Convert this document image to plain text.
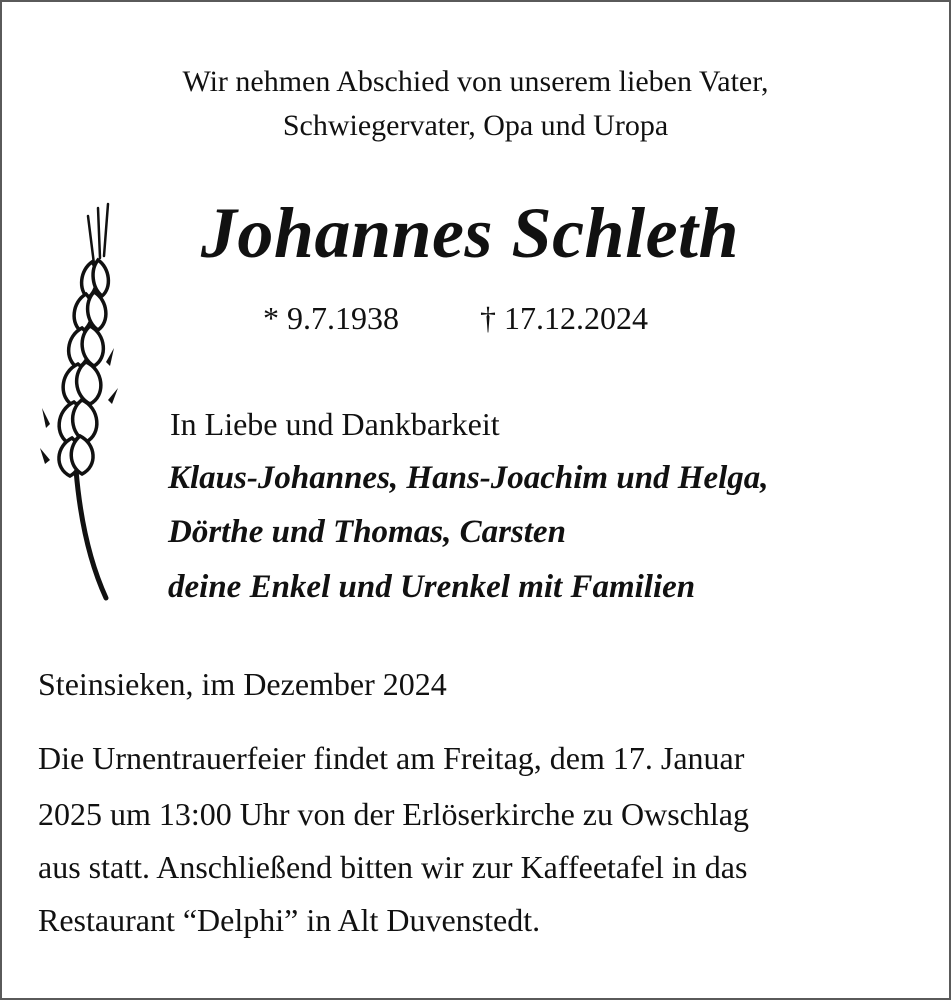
Wir nehmen Abschied von unserem lieben Vater,
Schwiegervater, Opa und Uropa
Johannes Schleth
* 9.7.1938	† 17.12.2024
In Liebe und Dankbarkeit
Klaus-Johannes, Hans-Joachim und Helga,
Dörthe und Thomas, Carsten
deine Enkel und Urenkel mit Familien
Steinsieken, im Dezember 2024
Die Urnentrauerfeier findet am Freitag, dem 17. Januar
2025 um 13:00 Uhr von der Erlöserkirche zu Owschlag
aus statt. Anschließend bitten wir zur Kaffeetafel in das
Restaurant “Delphi” in Alt Duvenstedt.
